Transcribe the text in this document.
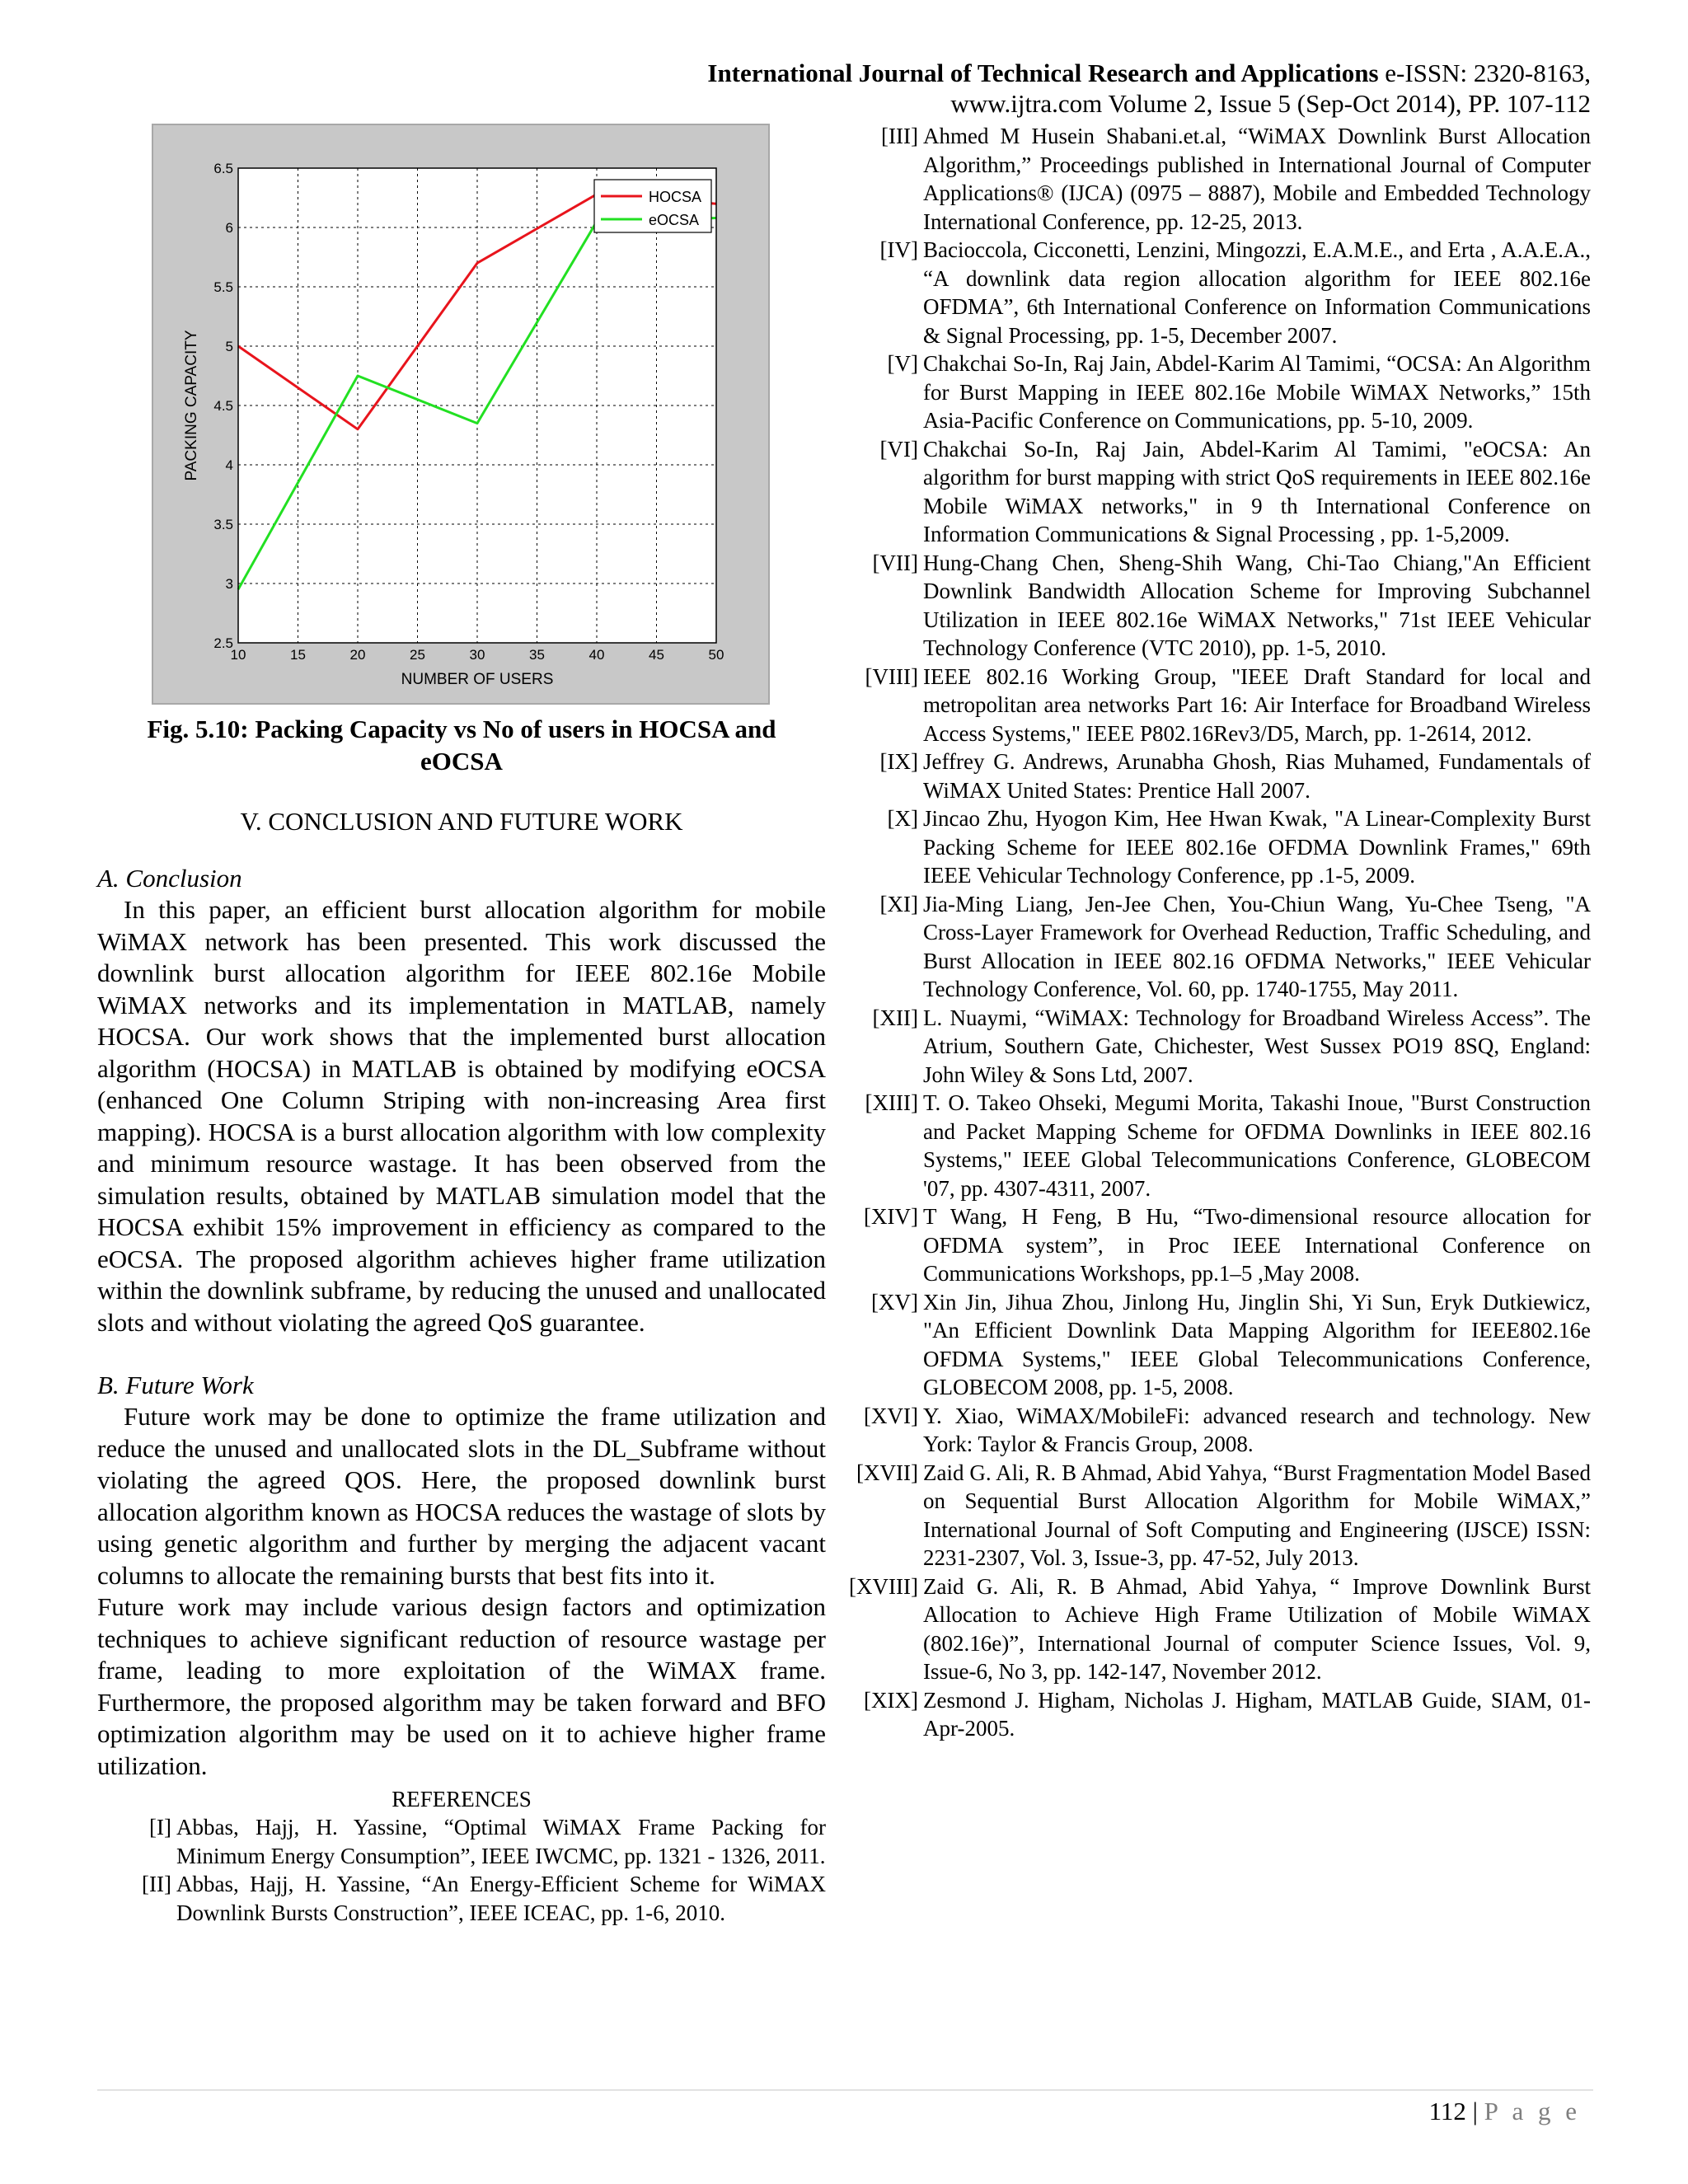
International Journal of Technical Research and Applications e-ISSN: 2320-8163,
www.ijtra.com Volume 2, Issue 5 (Sep-Oct 2014), PP. 107-112
10	15	20	25	30	35	40	45	50
2.5
3
3.5
4
4.5
5
5.5
6
6.5
HOCSA
eOCSA
NUMBER OF USERS
PACKING CAPACITY
Fig. 5.10: Packing Capacity vs No of users in HOCSA and eOCSA
V. CONCLUSION AND FUTURE WORK
A. Conclusion

In this paper, an efficient burst allocation algorithm for mobile WiMAX network has been presented. This work discussed the downlink burst allocation algorithm for IEEE 802.16e Mobile WiMAX networks and its implementation in MATLAB, namely HOCSA. Our work shows that the implemented burst allocation algorithm (HOCSA) in MATLAB is obtained by modifying eOCSA (enhanced One Column Striping with non-increasing Area first mapping). HOCSA is a burst allocation algorithm with low complexity and minimum resource wastage. It has been observed from the simulation results, obtained by MATLAB simulation model that the HOCSA exhibit 15% improvement in efficiency as compared to the eOCSA. The proposed algorithm achieves higher frame utilization within the downlink subframe, by reducing the unused and unallocated slots and without violating the agreed QoS guarantee.

B. Future Work

Future work may be done to optimize the frame utilization and reduce the unused and unallocated slots in the DL_Subframe without violating the agreed QOS. Here, the proposed downlink burst allocation algorithm known as HOCSA reduces the wastage of slots by using genetic algorithm and further by merging the adjacent vacant columns to allocate the remaining bursts that best fits into it.

Future work may include various design factors and optimization techniques to achieve significant reduction of resource wastage per frame, leading to more exploitation of the WiMAX frame. Furthermore, the proposed algorithm may be taken forward and BFO optimization algorithm may be used on it to achieve higher frame utilization.

REFERENCES
[I] Abbas, Hajj, H. Yassine, “Optimal WiMAX Frame Packing for Minimum Energy Consumption”, IEEE IWCMC, pp. 1321 - 1326, 2011.
[II] Abbas, Hajj, H. Yassine, “An Energy-Efficient Scheme for WiMAX Downlink Bursts Construction”, IEEE ICEAC, pp. 1-6, 2010.
[III] Ahmed M Husein Shabani.et.al, “WiMAX Downlink Burst Allocation Algorithm,” Proceedings published in International Journal of Computer Applications® (IJCA) (0975 – 8887), Mobile and Embedded Technology International Conference, pp. 12-25, 2013.
[IV] Bacioccola, Cicconetti, Lenzini, Mingozzi, E.A.M.E., and Erta , A.A.E.A., “A downlink data region allocation algorithm for IEEE 802.16e OFDMA”, 6th International Conference on Information Communications & Signal Processing, pp. 1-5, December 2007.
[V] Chakchai So-In, Raj Jain, Abdel-Karim Al Tamimi, “OCSA: An Algorithm for Burst Mapping in IEEE 802.16e Mobile WiMAX Networks,” 15th Asia-Pacific Conference on Communications, pp. 5-10, 2009.
[VI] Chakchai So-In, Raj Jain, Abdel-Karim Al Tamimi, "eOCSA: An algorithm for burst mapping with strict QoS requirements in IEEE 802.16e Mobile WiMAX networks," in 9 th International Conference on Information Communications & Signal Processing , pp. 1-5,2009.
[VII] Hung-Chang Chen, Sheng-Shih Wang, Chi-Tao Chiang,"An Efficient Downlink Bandwidth Allocation Scheme for Improving Subchannel Utilization in IEEE 802.16e WiMAX Networks," 71st IEEE Vehicular Technology Conference (VTC 2010), pp. 1-5, 2010.
[VIII] IEEE 802.16 Working Group, "IEEE Draft Standard for local and metropolitan area networks Part 16: Air Interface for Broadband Wireless Access Systems," IEEE P802.16Rev3/D5, March, pp. 1-2614, 2012.
[IX] Jeffrey G. Andrews, Arunabha Ghosh, Rias Muhamed, Fundamentals of WiMAX United States: Prentice Hall 2007.
[X] Jincao Zhu, Hyogon Kim, Hee Hwan Kwak, "A Linear-Complexity Burst Packing Scheme for IEEE 802.16e OFDMA Downlink Frames," 69th IEEE Vehicular Technology Conference, pp .1-5, 2009.
[XI] Jia-Ming Liang, Jen-Jee Chen, You-Chiun Wang, Yu-Chee Tseng, "A Cross-Layer Framework for Overhead Reduction, Traffic Scheduling, and Burst Allocation in IEEE 802.16 OFDMA Networks," IEEE Vehicular Technology Conference, Vol. 60, pp. 1740-1755, May 2011.
[XII] L. Nuaymi, “WiMAX: Technology for Broadband Wireless Access”. The Atrium, Southern Gate, Chichester, West Sussex PO19 8SQ, England: John Wiley & Sons Ltd, 2007.
[XIII] T. O. Takeo Ohseki, Megumi Morita, Takashi Inoue, "Burst Construction and Packet Mapping Scheme for OFDMA Downlinks in IEEE 802.16 Systems," IEEE Global Telecommunications Conference, GLOBECOM '07, pp. 4307-4311, 2007.
[XIV] T Wang, H Feng, B Hu, “Two-dimensional resource allocation for OFDMA system”, in Proc IEEE International Conference on Communications Workshops, pp.1–5 ,May 2008.
[XV] Xin Jin, Jihua Zhou, Jinlong Hu, Jinglin Shi, Yi Sun, Eryk Dutkiewicz, "An Efficient Downlink Data Mapping Algorithm for IEEE802.16e OFDMA Systems," IEEE Global Telecommunications Conference, GLOBECOM 2008, pp. 1-5, 2008.
[XVI] Y. Xiao, WiMAX/MobileFi: advanced research and technology. New York: Taylor & Francis Group, 2008.
[XVII] Zaid G. Ali, R. B Ahmad, Abid Yahya, “Burst Fragmentation Model Based on Sequential Burst Allocation Algorithm for Mobile WiMAX,” International Journal of Soft Computing and Engineering (IJSCE) ISSN: 2231-2307, Vol. 3, Issue-3, pp. 47-52, July 2013.
[XVIII] Zaid G. Ali, R. B Ahmad, Abid Yahya, “ Improve Downlink Burst Allocation to Achieve High Frame Utilization of Mobile WiMAX (802.16e)”, International Journal of computer Science Issues, Vol. 9, Issue-6, No 3, pp. 142-147, November 2012.
[XIX] Zesmond J. Higham, Nicholas J. Higham, MATLAB Guide, SIAM, 01-Apr-2005.
112 | P a g e
